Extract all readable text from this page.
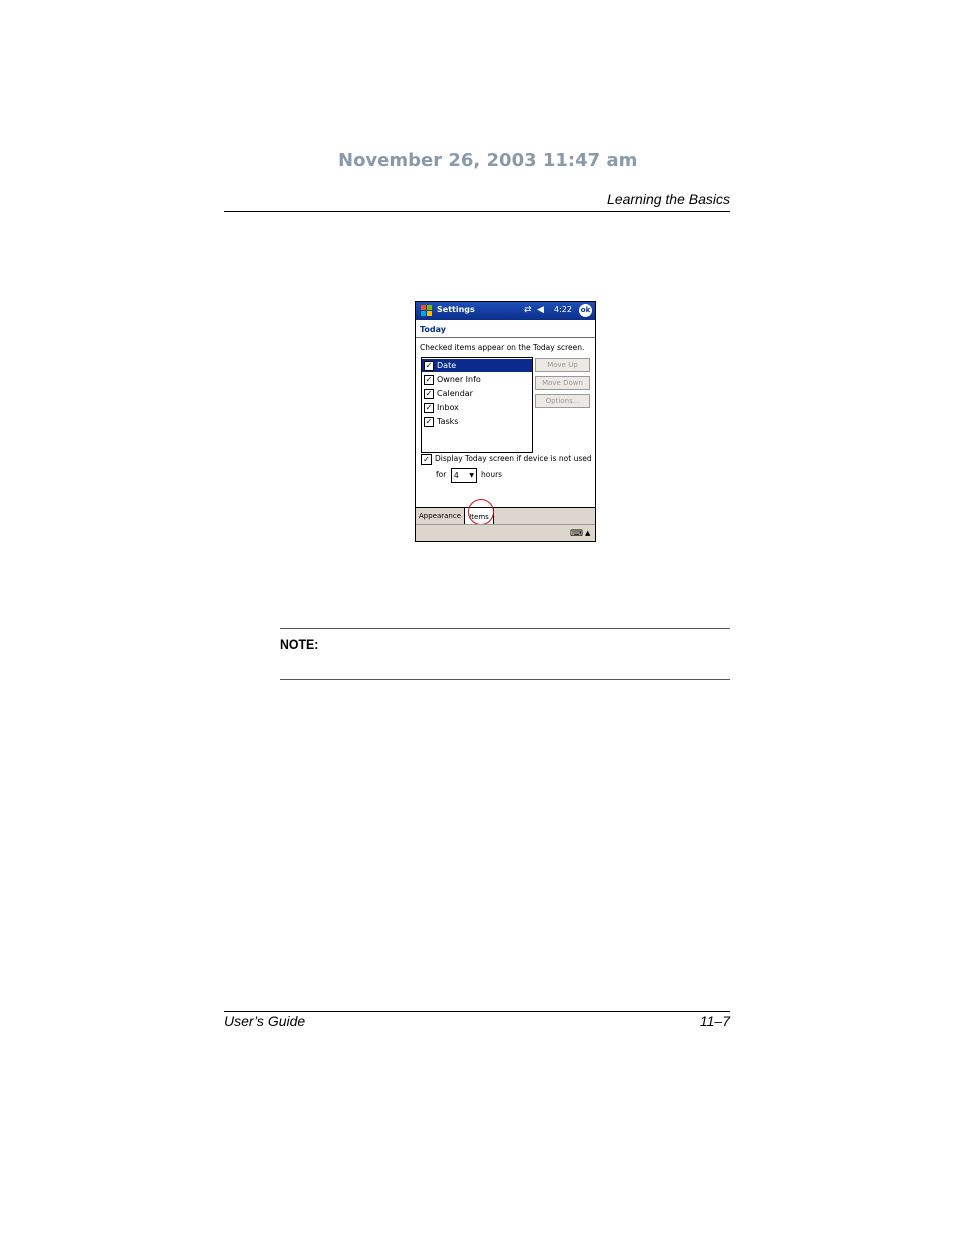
November 26, 2003 11:47 am
Learning the Basics
Settings	⇄ ◀ 4:22 ok
Today
Checked items appear on the Today screen.
✓ Date
✓ Owner Info
✓ Calendar
✓ Inbox
✓ Tasks
Move Up
Move Down
Options...
✓ Display Today screen if device is not used
for 4 ▼ hours
Appearance	Items
⌨ ▲
NOTE:
User’s Guide	11–7
